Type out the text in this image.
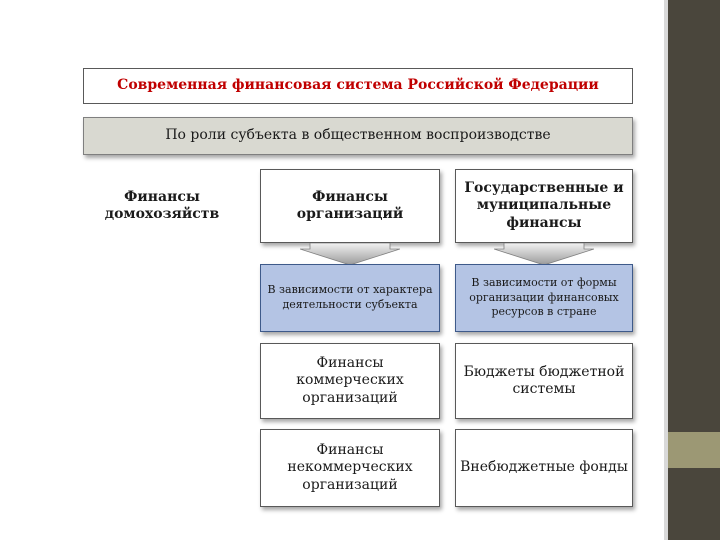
Современная финансовая система Российской Федерации
По роли субъекта в общественном воспроизводстве
Финансы домохозяйств
Финансы организаций
Государственные и муниципальные финансы
В зависимости от характера деятельности субъекта
В зависимости от формы организации финансовых ресурсов в стране
Финансы коммерческих организаций
Бюджеты бюджетной системы
Финансы некоммерческих организаций
Внебюджетные фонды
